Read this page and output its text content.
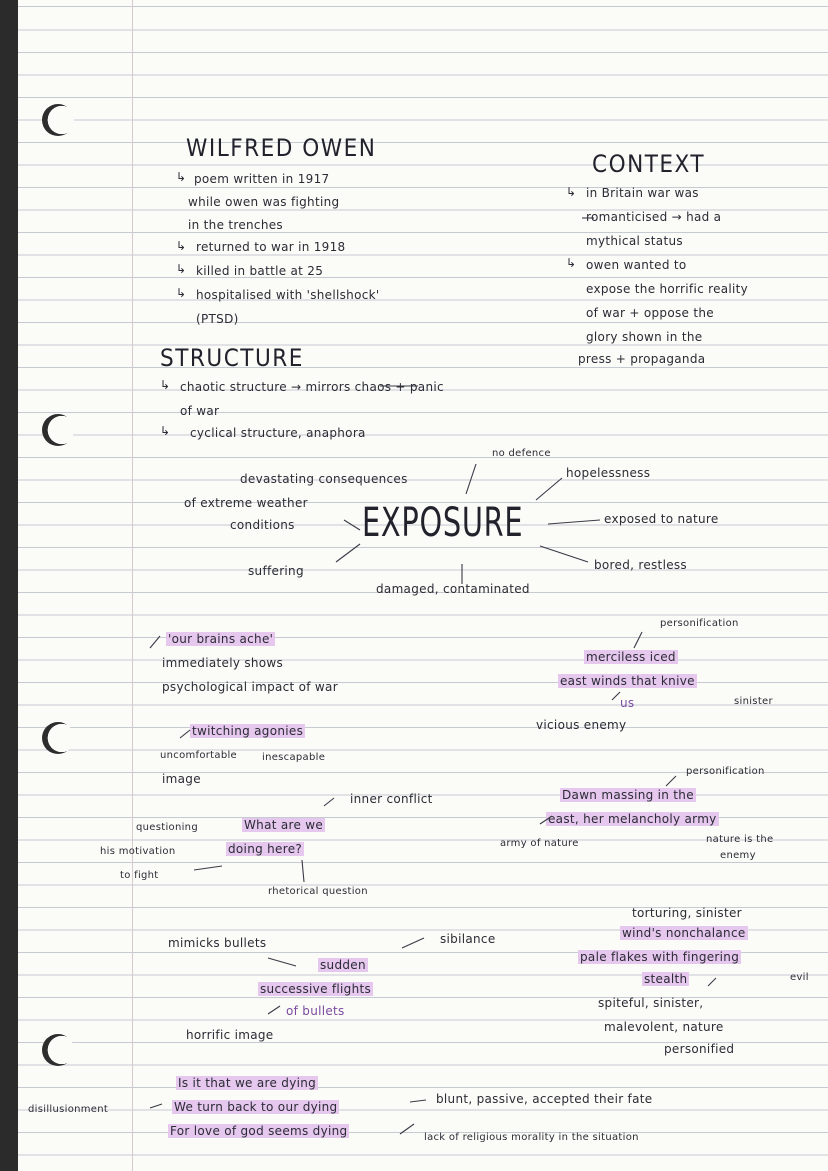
WILFRED OWEN
↳ poem written in 1917
while owen was fighting
in the trenches
↳ returned to war in 1918
↳ killed in battle at 25
↳ hospitalised with 'shellshock'
(PTSD)
CONTEXT
↳ in Britain war was
romanticised → had a
mythical status
↳ owen wanted to
expose the horrific reality
of war + oppose the
glory shown in the
press + propaganda
STRUCTURE
↳ chaotic structure → mirrors chaos + panic
of war
↳ cyclical structure, anaphora
EXPOSURE
no defence
hopelessness
exposed to nature
bored, restless
damaged, contaminated
suffering
devastating consequences
of extreme weather
conditions
'our brains ache'
immediately shows
psychological impact of war
twitching agonies
uncomfortable inescapable
image
inner conflict
questioning	What are we
his motivation	doing here?
to fight
rhetorical question
mimicks bullets	sibilance
sudden
successive flights
of bullets
horrific image
personification
merciless iced
east winds that knive
us	sinister
vicious enemy
personification
Dawn massing in the
east, her melancholy army
army of nature	nature is the
enemy
torturing, sinister
wind's nonchalance
pale flakes with fingering
stealth	evil
spiteful, sinister,
malevolent, nature
personified
Is it that we are dying
We turn back to our dying
For love of god seems dying
disillusionment
blunt, passive, accepted their fate
lack of religious morality in the situation
